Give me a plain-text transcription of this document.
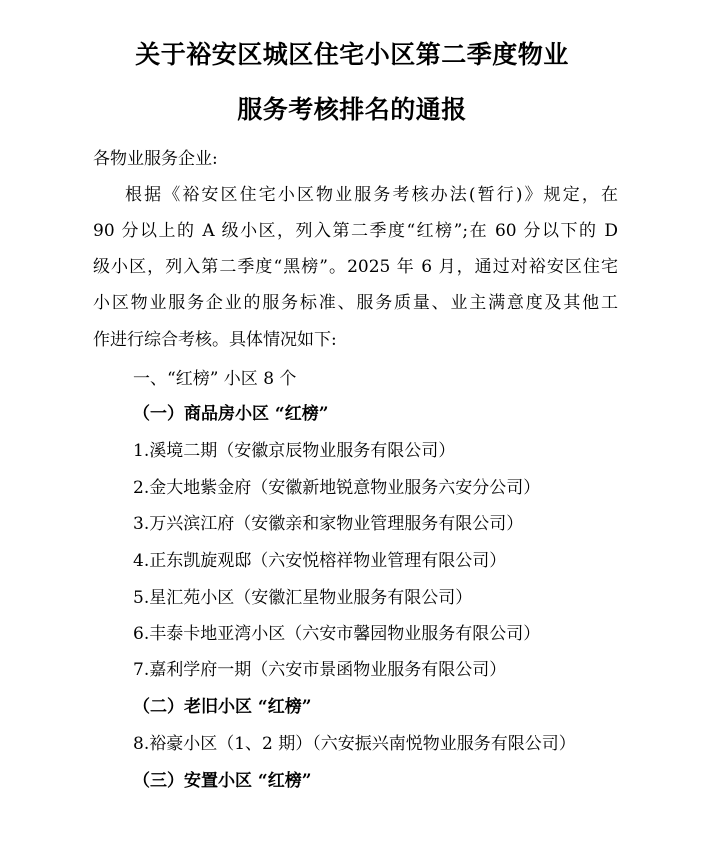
关于裕安区城区住宅小区第二季度物业
服务考核排名的通报
各物业服务企业:
根据《裕安区住宅小区物业服务考核办法(暂行)》规定，在
90 分以上的 A 级小区，列入第二季度“红榜”;在 60 分以下的 D
级小区，列入第二季度“黑榜”。2025 年 6 月，通过对裕安区住宅
小区物业服务企业的服务标准、服务质量、业主满意度及其他工
作进行综合考核。具体情况如下:
一、“红榜” 小区 8 个
（一）商品房小区 “红榜”
1.溪境二期（安徽京辰物业服务有限公司）
2.金大地紫金府（安徽新地锐意物业服务六安分公司）
3.万兴滨江府（安徽亲和家物业管理服务有限公司）
4.正东凯旋观邸（六安悦榕祥物业管理有限公司）
5.星汇苑小区（安徽汇星物业服务有限公司）
6.丰泰卡地亚湾小区（六安市馨园物业服务有限公司）
7.嘉利学府一期（六安市景函物业服务有限公司）
（二）老旧小区 “红榜”
8.裕豪小区（1、2 期）（六安振兴南悦物业服务有限公司）
（三）安置小区 “红榜”
